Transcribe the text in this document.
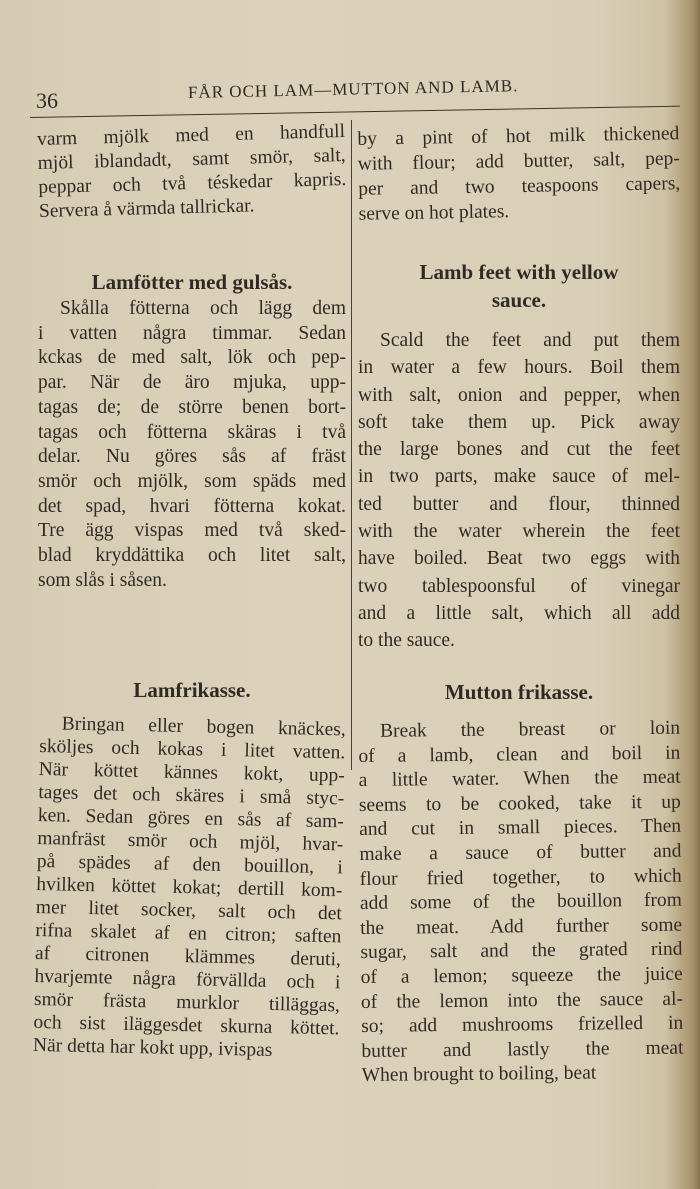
36	FÅR OCH LAM—MUTTON AND LAMB.
varm mjölk med en handfull
mjöl iblandadt, samt smör, salt,
peppar och två téskedar kapris.
Servera å värmda tallrickar.
Lamfötter med gulsås.
Skålla fötterna och lägg dem
i vatten några timmar. Sedan
kckas de med salt, lök och pep-
par. När de äro mjuka, upp-
tagas de; de större benen bort-
tagas och fötterna skäras i två
delar. Nu göres sås af fräst
smör och mjölk, som späds med
det spad, hvari fötterna kokat.
Tre ägg vispas med två sked-
blad kryddättika och litet salt,
som slås i såsen.
Lamfrikasse.
Bringan eller bogen knäckes,
sköljes och kokas i litet vatten.
När köttet kännes kokt, upp-
tages det och skäres i små styc-
ken. Sedan göres en sås af sam-
manfräst smör och mjöl, hvar-
på spädes af den bouillon, i
hvilken köttet kokat; dertill kom-
mer litet socker, salt och det
rifna skalet af en citron; saften
af citronen klämmes deruti,
hvarjemte några förvällda och i
smör frästa murklor tilläggas,
och sist iläggesdet skurna köttet.
När detta har kokt upp, ivispas
by a pint of hot milk thickened
with flour; add butter, salt, pep-
per and two teaspoons capers,
serve on hot plates.
Lamb feet with yellow
sauce.
Scald the feet and put them
in water a few hours. Boil them
with salt, onion and pepper, when
soft take them up. Pick away
the large bones and cut the feet
in two parts, make sauce of mel-
ted butter and flour, thinned
with the water wherein the feet
have boiled. Beat two eggs with
two tablespoonsful of vinegar
and a little salt, which all add
to the sauce.
Mutton frikasse.
Break the breast or loin
of a lamb, clean and boil in
a little water. When the meat
seems to be cooked, take it up
and cut in small pieces. Then
make a sauce of butter and
flour fried together, to which
add some of the bouillon from
the meat. Add further some
sugar, salt and the grated rind
of a lemon; squeeze the juice
of the lemon into the sauce al-
so; add mushrooms frizelled in
butter and lastly the meat
When brought to boiling, beat
